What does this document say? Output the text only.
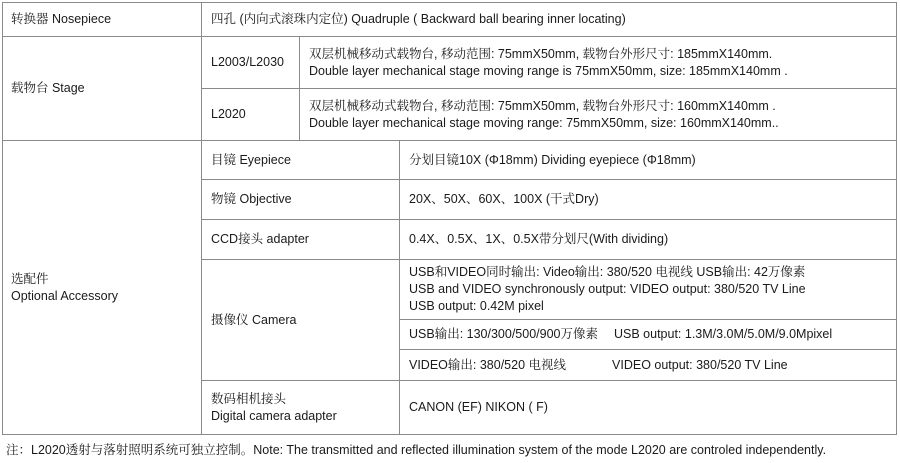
转换器 Nosepiece	四孔 (内向式滚珠内定位) Quadruple ( Backward ball bearing inner locating)		
载物台 Stage	L2003/L2030	双层机械移动式载物台, 移动范围: 75mmX50mm, 载物台外形尺寸: 185mmX140mm.
Double layer mechanical stage moving range is 75mmX50mm, size: 185mmX140mm .	

	L2020	双层机械移动式载物台, 移动范围: 75mmX50mm, 载物台外形尺寸: 160mmX140mm .
Double layer mechanical stage moving range: 75mmX50mm, size: 160mmX140mm..	

选配件
Optional Accessory	目镜 Eyepiece		分划目镜10X (Φ18mm) Dividing eyepiece (Φ18mm)
	物镜 Objective		20X、50X、60X、100X (干式Dry)
	CCD接头 adapter		0.4X、0.5X、1X、0.5X带分划尺(With dividing)
	摄像仪 Camera		USB和VIDEO同时输出: Video输出: 380/520 电视线 USB输出: 42万像素
USB and VIDEO synchronously output: VIDEO output: 380/520 TV Line
USB output: 0.42M pixel

			USB输出: 130/300/500/900万像素 USB output: 1.3M/3.0M/5.0M/9.0Mpixel
			VIDEO输出: 380/520 电视线 VIDEO output: 380/520 TV Line

	数码相机接头
Digital camera adapter		CANON (EF) NIKON ( F)
注：L2020透射与落射照明系统可独立控制。Note: The transmitted and reflected illumination system of the mode L2020 are controled independently.
